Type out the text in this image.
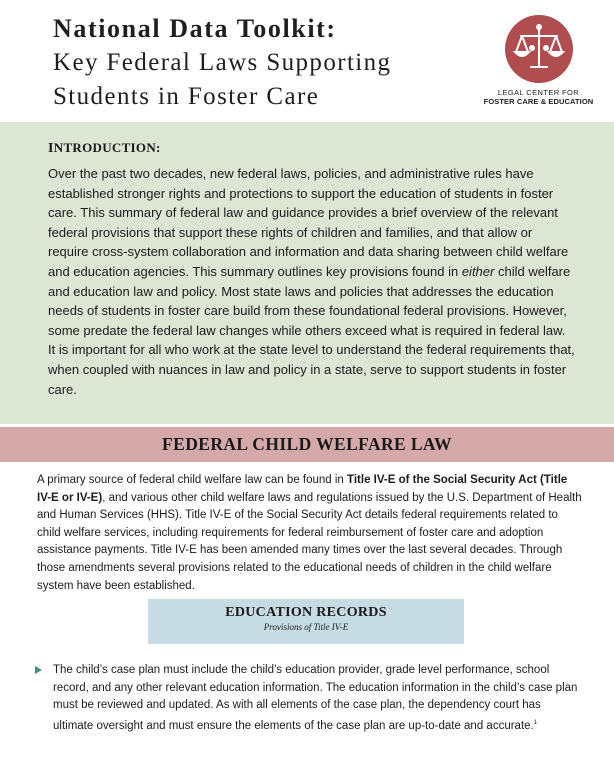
National Data Toolkit:
Key Federal Laws Supporting
Students in Foster Care	LEGAL CENTER FOR
FOSTER CARE & EDUCATION
INTRODUCTION:
Over the past two decades, new federal laws, policies, and administrative rules have established stronger rights and protections to support the education of students in foster care. This summary of federal law and guidance provides a brief overview of the relevant federal provisions that support these rights of children and families, and that allow or require cross-system collaboration and information and data sharing between child welfare and education agencies. This summary outlines key provisions found in either child welfare and education law and policy. Most state laws and policies that addresses the education needs of students in foster care build from these foundational federal provisions. However, some predate the federal law changes while others exceed what is required in federal law. It is important for all who work at the state level to understand the federal requirements that, when coupled with nuances in law and policy in a state, serve to support students in foster care.
FEDERAL CHILD WELFARE LAW
A primary source of federal child welfare law can be found in Title IV-E of the Social Security Act (Title IV-E or IV-E), and various other child welfare laws and regulations issued by the U.S. Department of Health and Human Services (HHS). Title IV-E of the Social Security Act details federal requirements related to child welfare services, including requirements for federal reimbursement of foster care and adoption assistance payments. Title IV-E has been amended many times over the last several decades. Through those amendments several provisions related to the educational needs of children in the child welfare system have been established.
EDUCATION RECORDS
Provisions of Title IV-E
The child’s case plan must include the child’s education provider, grade level performance, school record, and any other relevant education information. The education information in the child’s case plan must be reviewed and updated. As with all elements of the case plan, the dependency court has ultimate oversight and must ensure the elements of the case plan are up-to-date and accurate.$^1$
